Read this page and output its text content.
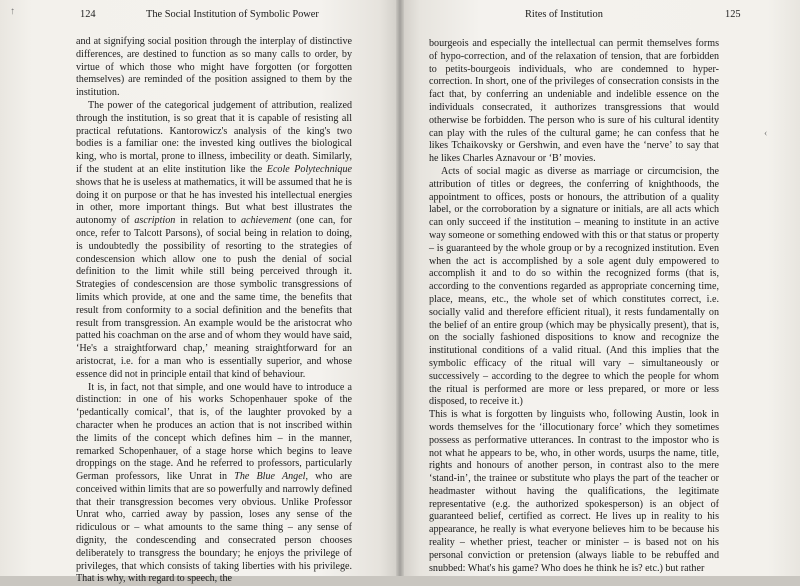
↑	124	The Social Institution of Symbolic Power

and at signifying social position through the interplay of distinctive differences, are destined to function as so many calls to order, by virtue of which those who might have forgotten (or forgotten themselves) are reminded of the position assigned to them by the institution.

The power of the categorical judgement of attribution, realized through the institution, is so great that it is capable of resisting all practical refutations. Kantorowicz's analysis of the king's two bodies is a familiar one: the invested king outlives the biological king, who is mortal, prone to illness, imbecility or death. Similarly, if the student at an elite institution like the Ecole Polytechnique shows that he is useless at mathematics, it will be assumed that he is doing it on purpose or that he has invested his intellectual energies in other, more important things. But what best illustrates the autonomy of ascription in relation to achievement (one can, for once, refer to Talcott Parsons), of social being in relation to doing, is undoubtedly the possibility of resorting to the strategies of condescension which allow one to push the denial of social definition to the limit while still being perceived through it. Strategies of condescension are those symbolic transgressions of limits which provide, at one and the same time, the benefits that result from conformity to a social definition and the benefits that result from transgression. An example would be the aristocrat who patted his coachman on the arse and of whom they would have said, ‘He's a straightforward chap,’ meaning straightforward for an aristocrat, i.e. for a man who is essentially superior, and whose essence did not in principle entail that kind of behaviour.

It is, in fact, not that simple, and one would have to introduce a distinction: in one of his works Schopenhauer spoke of the ‘pedantically comical’, that is, of the laughter provoked by a character when he produces an action that is not inscribed within the limits of the concept which defines him – in the manner, remarked Schopenhauer, of a stage horse which begins to leave droppings on the stage. And he referred to professors, particularly German professors, like Unrat in The Blue Angel, who are conceived within limits that are so powerfully and narrowly defined that their transgression becomes very obvious. Unlike Professor Unrat who, carried away by passion, loses any sense of the ridiculous or – what amounts to the same thing – any sense of dignity, the condescending and consecrated person chooses deliberately to transgress the boundary; he enjoys the privilege of privileges, that which consists of taking liberties with his privilege. That is why, with regard to speech, the

Rites of Institution	125

bourgeois and especially the intellectual can permit themselves forms of hypo-correction, and of the relaxation of tension, that are forbidden to petits-bourgeois individuals, who are condemned to hyper-correction. In short, one of the privileges of consecration consists in the fact that, by conferring an undeniable and indelible essence on the individuals consecrated, it authorizes transgressions that would otherwise be forbidden. The person who is sure of his cultural identity can play with the rules of the cultural game; he can confess that he likes Tchaikovsky or Gershwin, and even have the ‘nerve’ to say that he likes Charles Aznavour or ‘B’ movies.

Acts of social magic as diverse as marriage or circumcision, the attribution of titles or degrees, the conferring of knighthoods, the appointment to offices, posts or honours, the attribution of a quality label, or the corroboration by a signature or initials, are all acts which can only succeed if the institution – meaning to institute in an active way someone or something endowed with this or that status or property – is guaranteed by the whole group or by a recognized institution. Even when the act is accomplished by a sole agent duly empowered to accomplish it and to do so within the recognized forms (that is, according to the conventions regarded as appropriate concerning time, place, means, etc., the whole set of which constitutes correct, i.e. socially valid and therefore efficient ritual), it rests fundamentally on the belief of an entire group (which may be physically present), that is, on the socially fashioned dispositions to know and recognize the institutional conditions of a valid ritual. (And this implies that the symbolic efficacy of the ritual will vary – simultaneously or successively – according to the degree to which the people for whom the ritual is performed are more or less prepared, or more or less disposed, to receive it.)

This is what is forgotten by linguists who, following Austin, look in words themselves for the ‘illocutionary force’ which they sometimes possess as performative utterances. In contrast to the impostor who is not what he appears to be, who, in other words, usurps the name, title, rights and honours of another person, in contrast also to the mere ‘stand-in’, the trainee or substitute who plays the part of the teacher or headmaster without having the qualifications, the legitimate representative (e.g. the authorized spokesperson) is an object of guaranteed belief, certified as correct. He lives up in reality to his appearance, he really is what everyone believes him to be because his reality – whether priest, teacher or minister – is based not on his personal conviction or pretension (always liable to be rebuffed and snubbed: What's his game? Who does he think he is? etc.) but rather

‹
